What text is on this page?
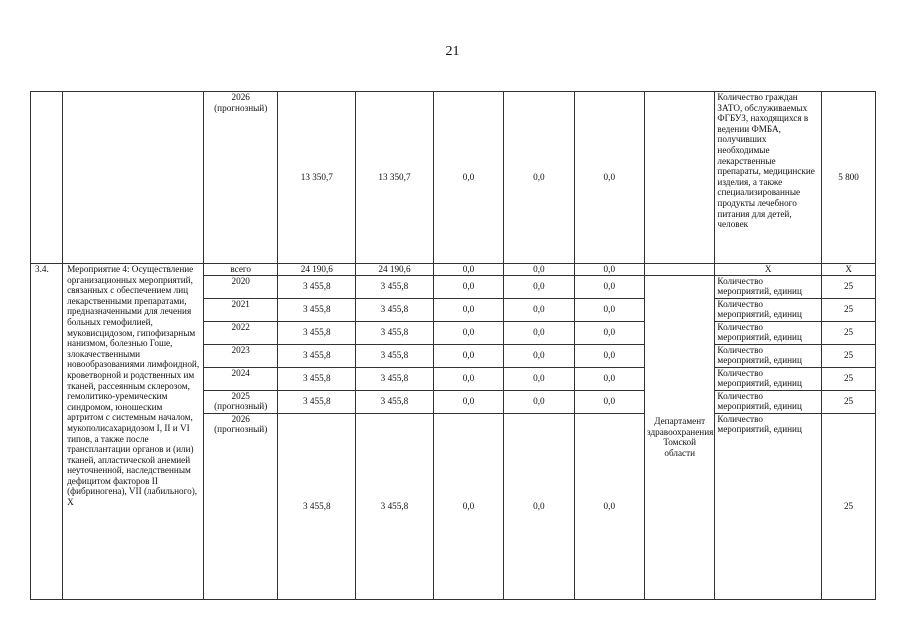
21
		2026
(прогнозный)	13 350,7	13 350,7	0,0	0,0	0,0		Количество граждан ЗАТО, обслуживаемых ФГБУЗ, находящихся в ведении ФМБА, получивших необходимые лекарственные препараты, медицинские изделия, а также специализированные продукты лечебного питания для детей, человек	5 800
3.4.	Мероприятие 4: Осуществление организационных мероприятий, связанных с обеспечением лиц лекарственными препаратами, предназначенными для лечения больных гемофилией, муковисцидозом, гипофизарным нанизмом, болезнью Гоше, злокачественными новообразованиями лимфоидной, кроветворной и родственных им тканей, рассеянным склерозом, гемолитико-уремическим синдромом, юношеским артритом с системным началом, мукополисахаридозом I, II и VI типов, а также после трансплантации органов и (или) тканей, апластической анемией неуточненной, наследственным дефицитом факторов II (фибриногена), VII (лабильного), X	всего	24 190,6	24 190,6	0,0	0,0	0,0		X	X
		2020	3 455,8	3 455,8	0,0	0,0	0,0	Департамент здравоохранения Томской области	Количество мероприятий, единиц	25
		2021	3 455,8	3 455,8	0,0	0,0	0,0		Количество мероприятий, единиц	25
		2022	3 455,8	3 455,8	0,0	0,0	0,0		Количество мероприятий, единиц	25
		2023	3 455,8	3 455,8	0,0	0,0	0,0		Количество мероприятий, единиц	25
		2024	3 455,8	3 455,8	0,0	0,0	0,0		Количество мероприятий, единиц	25
		2025
(прогнозный)	3 455,8	3 455,8	0,0	0,0	0,0		Количество мероприятий, единиц	25
		2026
(прогнозный)	3 455,8	3 455,8	0,0	0,0	0,0		Количество мероприятий, единиц	25
